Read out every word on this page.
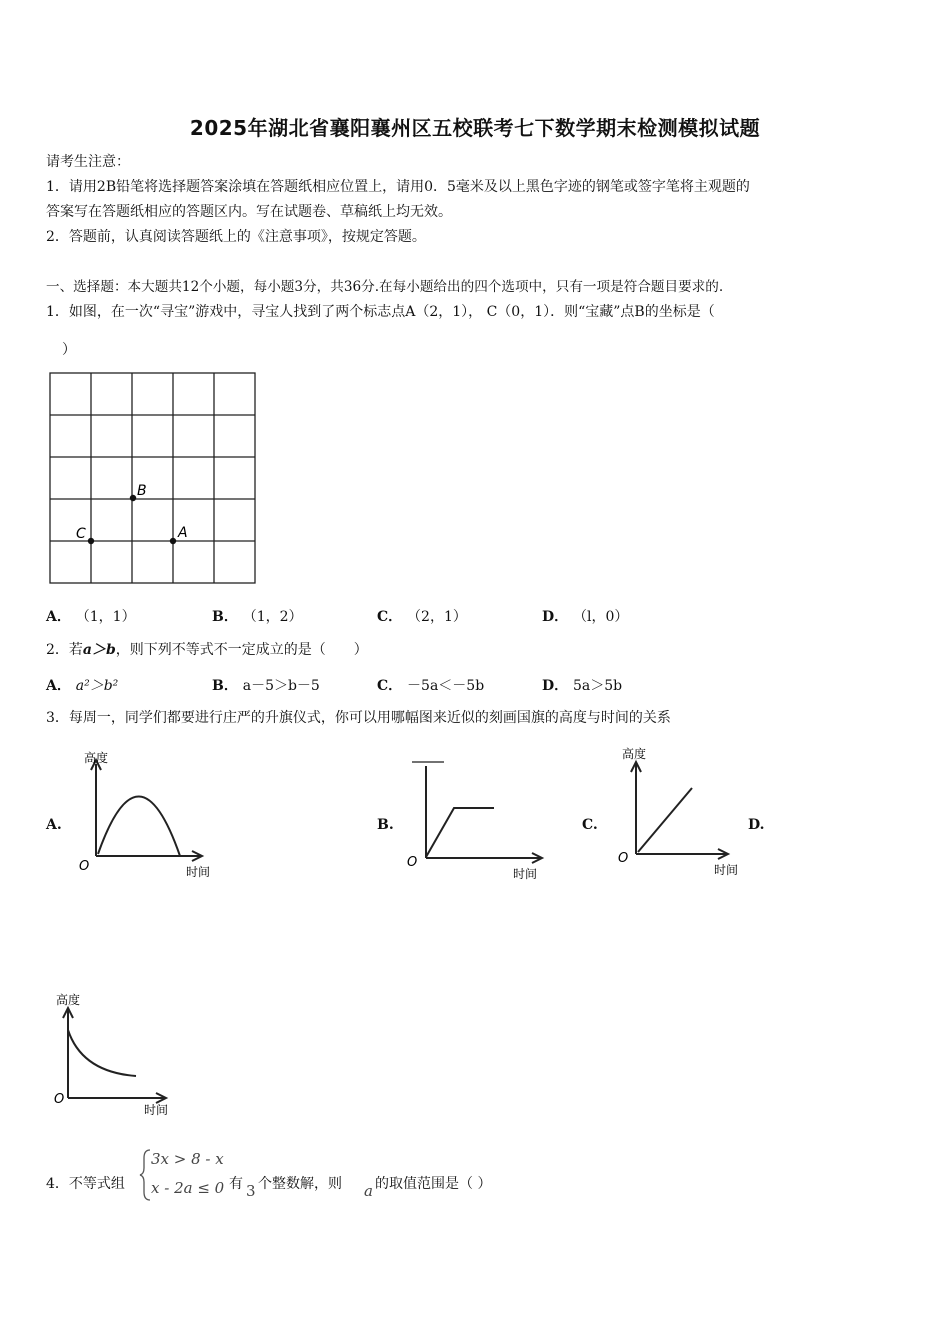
2025年湖北省襄阳襄州区五校联考七下数学期末检测模拟试题
请考生注意：
1．请用2B铅笔将选择题答案涂填在答题纸相应位置上，请用0．5毫米及以上黑色字迹的钢笔或签字笔将主观题的
答案写在答题纸相应的答题区内。写在试题卷、草稿纸上均无效。
2．答题前，认真阅读答题纸上的《注意事项》，按规定答题。
一、选择题：本大题共12个小题，每小题3分，共36分.在每小题给出的四个选项中，只有一项是符合题目要求的.
1．如图，在一次“寻宝”游戏中，寻宝人找到了两个标志点A（2，1）， C（0，1）．则“宝藏”点B的坐标是（
）
B
C	A
A． （1，1）	B． （1，2）	C． （2，1）	D． （l，0）
2．若a＞b，则下列不等式不一定成立的是（　　）
A． a²＞b²	B． a－5＞b－5	C． －5a＜－5b	D． 5a＞5b
3．每周一，同学们都要进行庄严的升旗仪式，你可以用哪幅图来近似的刻画国旗的高度与时间的关系
A.
高度
时间
O
B.
时间
O
C.
高度
时间
O
D.
高度
时间
O
4．不等式组
3x > 8 - x
x - 2a ≤ 0 有 3 个整数解，则 a 的取值范围是（ ）
